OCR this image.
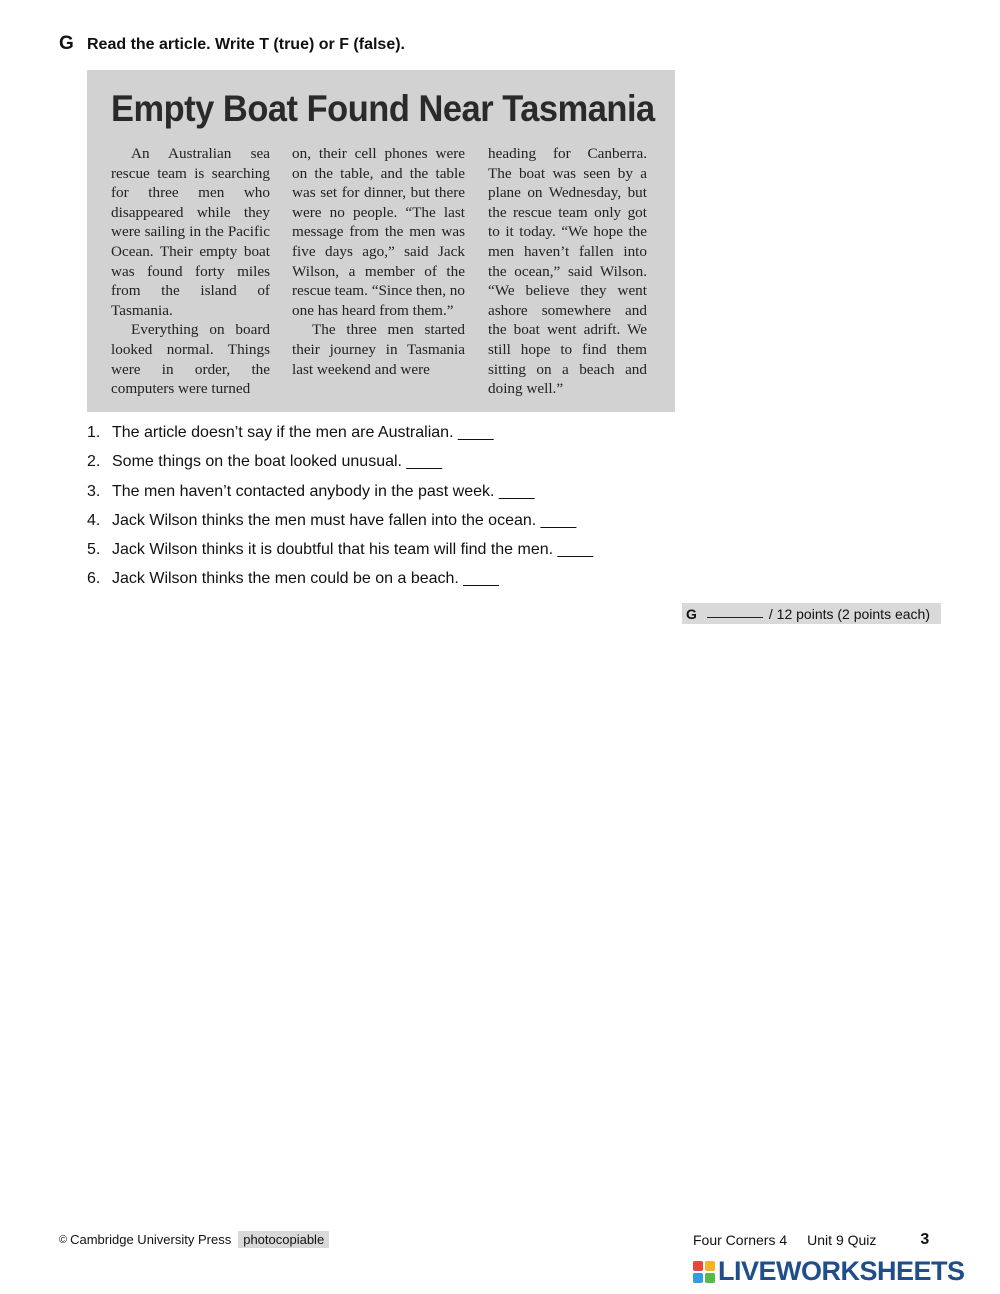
G Read the article. Write T (true) or F (false).
Empty Boat Found Near Tasmania

An Australian sea rescue team is searching for three men who disappeared while they were sailing in the Pacific Ocean. Their empty boat was found forty miles from the island of Tasmania.

Everything on board looked normal. Things were in order, the computers were turned

on, their cell phones were on the table, and the table was set for dinner, but there were no people. “The last message from the men was five days ago,” said Jack Wilson, a member of the rescue team. “Since then, no one has heard from them.”

The three men started their journey in Tasmania last weekend and were

heading for Canberra. The boat was seen by a plane on Wednesday, but the rescue team only got to it today. “We hope the men haven’t fallen into the ocean,” said Wilson. “We believe they went ashore somewhere and the boat went adrift. We still hope to find them sitting on a beach and doing well.”

1. The article doesn’t say if the men are Australian. ____
2. Some things on the boat looked unusual. ____
3. The men haven’t contacted anybody in the past week. ____
4. Jack Wilson thinks the men must have fallen into the ocean. ____
5. Jack Wilson thinks it is doubtful that his team will find the men. ____
6. Jack Wilson thinks the men could be on a beach. ____
G	/ 12 points (2 points each)
© Cambridge University Press photocopiable	Four Corners 4 Unit 9 Quiz	3
LIVEWORKSHEETS
